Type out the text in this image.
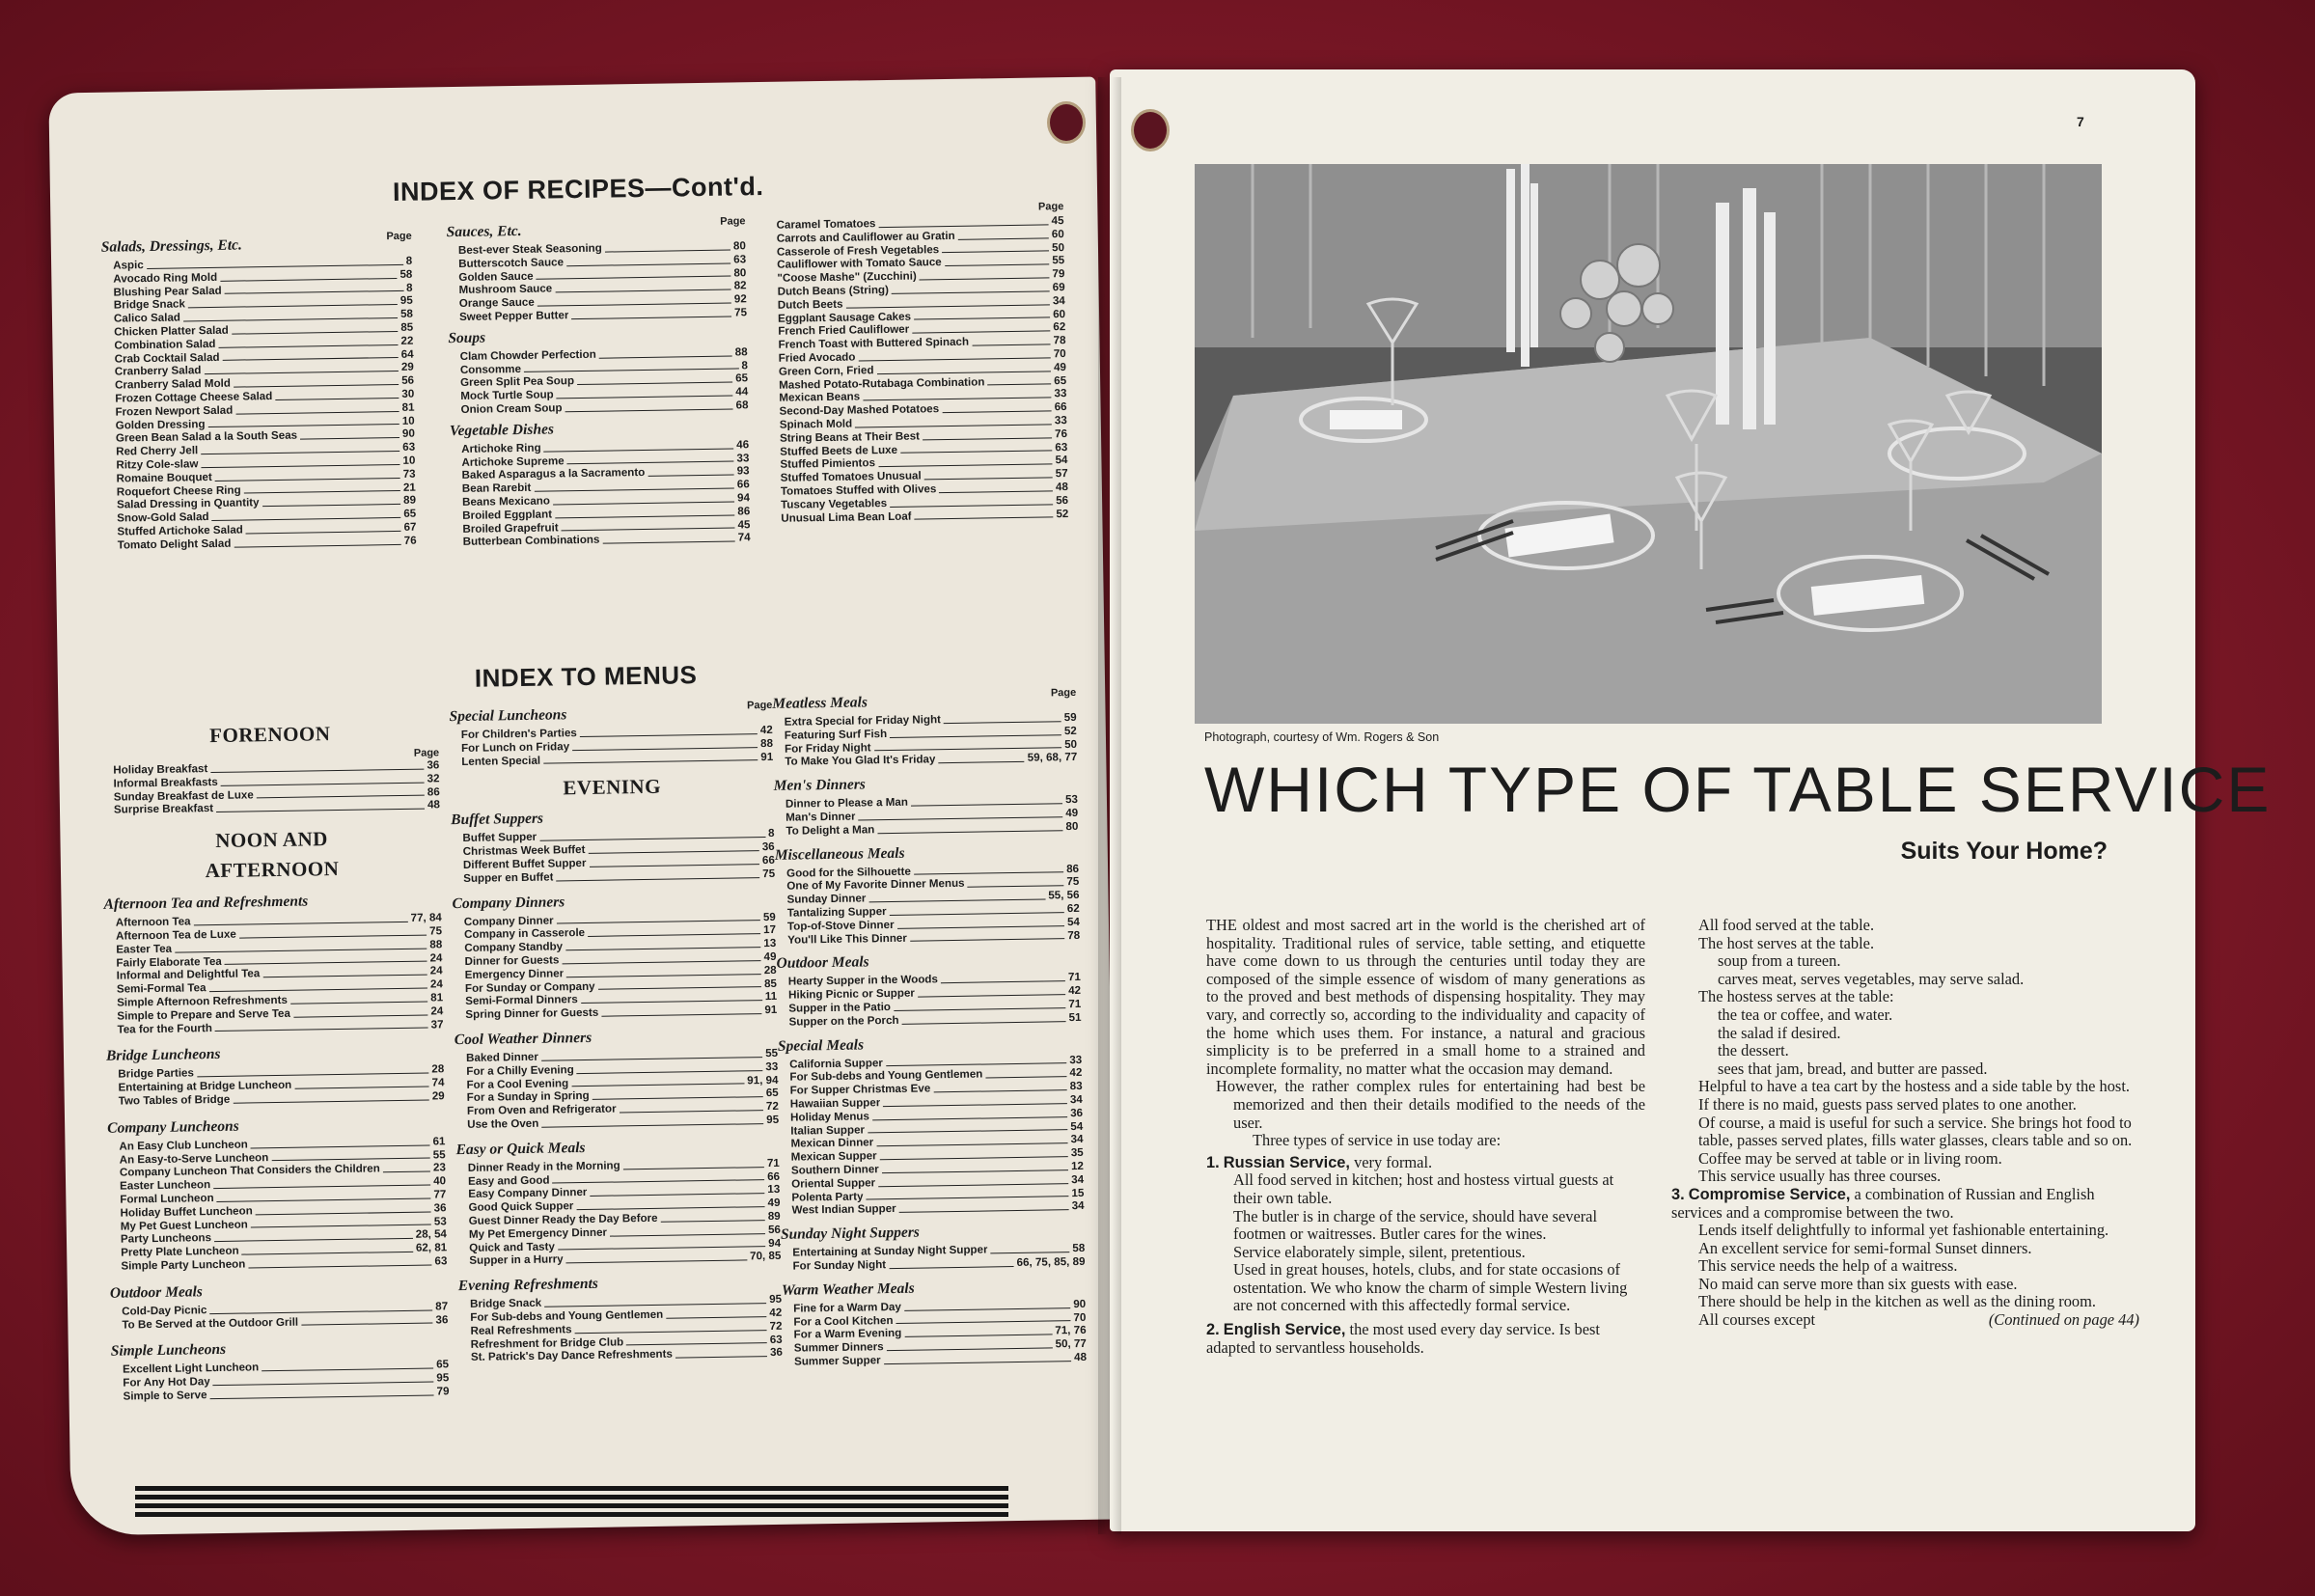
INDEX OF RECIPES—Cont'd.
Page
Salads, Dressings, Etc.
Aspic	8
Avocado Ring Mold	58
Blushing Pear Salad	8
Bridge Snack	95
Calico Salad	58
Chicken Platter Salad	85
Combination Salad	22
Crab Cocktail Salad	64
Cranberry Salad	29
Cranberry Salad Mold	56
Frozen Cottage Cheese Salad	30
Frozen Newport Salad	81
Golden Dressing	10
Green Bean Salad a la South Seas	90
Red Cherry Jell	63
Ritzy Cole-slaw	10
Romaine Bouquet	73
Roquefort Cheese Ring	21
Salad Dressing in Quantity	89
Snow-Gold Salad	65
Stuffed Artichoke Salad	67
Tomato Delight Salad	76
Page
Sauces, Etc.
Best-ever Steak Seasoning	80
Butterscotch Sauce	63
Golden Sauce	80
Mushroom Sauce	82
Orange Sauce	92
Sweet Pepper Butter	75
Soups
Clam Chowder Perfection	88
Consomme	8
Green Split Pea Soup	65
Mock Turtle Soup	44
Onion Cream Soup	68
Vegetable Dishes
Artichoke Ring	46
Artichoke Supreme	33
Baked Asparagus a la Sacramento	93
Bean Rarebit	66
Beans Mexicano	94
Broiled Eggplant	86
Broiled Grapefruit	45
Butterbean Combinations	74
Page
Caramel Tomatoes	45
Carrots and Cauliflower au Gratin	60
Casserole of Fresh Vegetables	50
Cauliflower with Tomato Sauce	55
"Coose Mashe" (Zucchini)	79
Dutch Beans (String)	69
Dutch Beets	34
Eggplant Sausage Cakes	60
French Fried Cauliflower	62
French Toast with Buttered Spinach	78
Fried Avocado	70
Green Corn, Fried	49
Mashed Potato-Rutabaga Combination	65
Mexican Beans	33
Second-Day Mashed Potatoes	66
Spinach Mold	33
String Beans at Their Best	76
Stuffed Beets de Luxe	63
Stuffed Pimientos	54
Stuffed Tomatoes Unusual	57
Tomatoes Stuffed with Olives	48
Tuscany Vegetables	56
Unusual Lima Bean Loaf	52
INDEX TO MENUS
FORENOON
Page
Holiday Breakfast	36
Informal Breakfasts	32
Sunday Breakfast de Luxe	86
Surprise Breakfast	48
NOON AND
AFTERNOON
Afternoon Tea and Refreshments
Afternoon Tea	77, 84
Afternoon Tea de Luxe	75
Easter Tea	88
Fairly Elaborate Tea	24
Informal and Delightful Tea	24
Semi-Formal Tea	24
Simple Afternoon Refreshments	81
Simple to Prepare and Serve Tea	24
Tea for the Fourth	37
Bridge Luncheons
Bridge Parties	28
Entertaining at Bridge Luncheon	74
Two Tables of Bridge	29
Company Luncheons
An Easy Club Luncheon	61
An Easy-to-Serve Luncheon	55
Company Luncheon That Considers the Children	23
Easter Luncheon	40
Formal Luncheon	77
Holiday Buffet Luncheon	36
My Pet Guest Luncheon	53
Party Luncheons	28, 54
Pretty Plate Luncheon	62, 81
Simple Party Luncheon	63
Outdoor Meals
Cold-Day Picnic	87
To Be Served at the Outdoor Grill	36
Simple Luncheons
Excellent Light Luncheon	65
For Any Hot Day	95
Simple to Serve	79
Page
Special Luncheons
For Children's Parties	42
For Lunch on Friday	88
Lenten Special	91
EVENING
Buffet Suppers
Buffet Supper	8
Christmas Week Buffet	36
Different Buffet Supper	66
Supper en Buffet	75
Company Dinners
Company Dinner	59
Company in Casserole	17
Company Standby	13
Dinner for Guests	49
Emergency Dinner	28
For Sunday or Company	85
Semi-Formal Dinners	11
Spring Dinner for Guests	91
Cool Weather Dinners
Baked Dinner	55
For a Chilly Evening	33
For a Cool Evening	91, 94
For a Sunday in Spring	65
From Oven and Refrigerator	72
Use the Oven	95
Easy or Quick Meals
Dinner Ready in the Morning	71
Easy and Good	66
Easy Company Dinner	13
Good Quick Supper	49
Guest Dinner Ready the Day Before	89
My Pet Emergency Dinner	56
Quick and Tasty	94
Supper in a Hurry	70, 85
Evening Refreshments
Bridge Snack	95
For Sub-debs and Young Gentlemen	42
Real Refreshments	72
Refreshment for Bridge Club	63
St. Patrick's Day Dance Refreshments	36
Page
Meatless Meals
Extra Special for Friday Night	59
Featuring Surf Fish	52
For Friday Night	50
To Make You Glad It's Friday	59, 68, 77
Men's Dinners
Dinner to Please a Man	53
Man's Dinner	49
To Delight a Man	80
Miscellaneous Meals
Good for the Silhouette	86
One of My Favorite Dinner Menus	75
Sunday Dinner	55, 56
Tantalizing Supper	62
Top-of-Stove Dinner	54
You'll Like This Dinner	78
Outdoor Meals
Hearty Supper in the Woods	71
Hiking Picnic or Supper	42
Supper in the Patio	71
Supper on the Porch	51
Special Meals
California Supper	33
For Sub-debs and Young Gentlemen	42
For Supper Christmas Eve	83
Hawaiian Supper	34
Holiday Menus	36
Italian Supper	54
Mexican Dinner	34
Mexican Supper	35
Southern Dinner	12
Oriental Supper	34
Polenta Party	15
West Indian Supper	34
Sunday Night Suppers
Entertaining at Sunday Night Supper	58
For Sunday Night	66, 75, 85, 89
Warm Weather Meals
Fine for a Warm Day	90
For a Cool Kitchen	70
For a Warm Evening	71, 76
Summer Dinners	50, 77
Summer Supper	48
7
Photograph, courtesy of Wm. Rogers & Son
WHICH TYPE OF TABLE SERVICE
Suits Your Home?

THE oldest and most sacred art in the world is the cherished art of hospitality. Traditional rules of service, table setting, and etiquette have come down to us through the centuries until today they are composed of the simple essence of wisdom of many generations as to the proved and best methods of dispensing hospitality. They may vary, and correctly so, according to the individuality and capacity of the home which uses them. For instance, a natural and gracious simplicity is to be preferred in a small home to a strained and incomplete formality, no matter what the occasion may demand.

However, the rather complex rules for entertaining had best be memorized and then their details modified to the needs of the user.

Three types of service in use today are:

1. Russian Service, very formal.

All food served in kitchen; host and hostess virtual guests at their own table.

The butler is in charge of the service, should have several footmen or waitresses. Butler cares for the wines.

Service elaborately simple, silent, pretentious.

Used in great houses, hotels, clubs, and for state occasions of ostentation. We who know the charm of simple Western living are not concerned with this affectedly formal service.

2. English Service, the most used every day service. Is best adapted to servantless households.

All food served at the table.

The host serves at the table.

soup from a tureen.

carves meat, serves vegetables, may serve salad.

The hostess serves at the table:

the tea or coffee, and water.

the salad if desired.

the dessert.

sees that jam, bread, and butter are passed.

Helpful to have a tea cart by the hostess and a side table by the host.

If there is no maid, guests pass served plates to one another.

Of course, a maid is useful for such a service. She brings hot food to table, passes served plates, fills water glasses, clears table and so on.

Coffee may be served at table or in living room.

This service usually has three courses.

3. Compromise Service, a combination of Russian and English services and a compromise between the two.

Lends itself delightfully to informal yet fashionable entertaining.

An excellent service for semi-formal Sunset dinners.

This service needs the help of a waitress.

No maid can serve more than six guests with ease.

There should be help in the kitchen as well as the dining room.

All courses except	(Continued on page 44)
